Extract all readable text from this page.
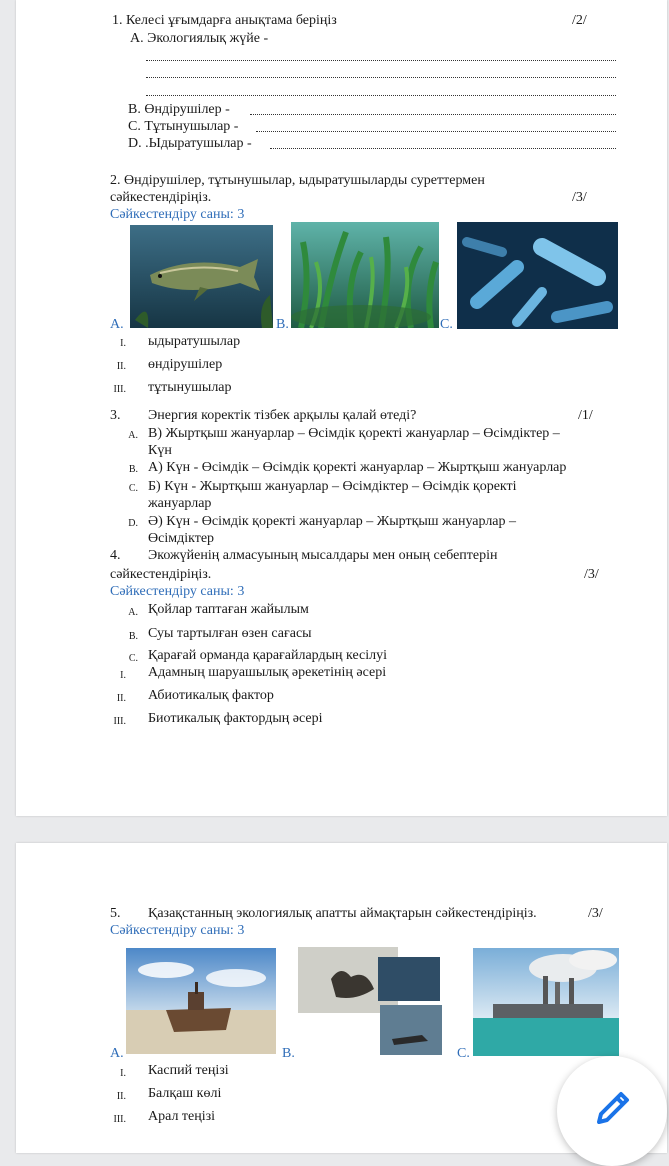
1. Келесі ұғымдарға анықтама беріңіз	/2/
A. Экологиялық жүйе -
B. Өндірушілер -
C. Тұтынушылар -
D. .Ыдыратушылар -
2. Өндірушілер, тұтынушылар, ыдыратушыларды суреттермен
сәйкестендіріңіз.	/3/
Сәйкестендіру саны: 3
A.	B.	C.
I. ыдыратушылар
II. өндірушілер
III. тұтынушылар
3. Энергия коректік тізбек арқылы қалай өтеді?	/1/
A. В) Жыртқыш жануарлар – Өсімдік қоректі жануарлар – Өсімдіктер –
Күн
B. А) Күн - Өсімдік – Өсімдік қоректі жануарлар – Жыртқыш жануарлар
C. Б) Күн - Жыртқыш жануарлар – Өсімдіктер – Өсімдік қоректі
жануарлар
D. Ә) Күн - Өсімдік қоректі жануарлар – Жыртқыш жануарлар –
Өсімдіктер
4. Экожүйенің алмасуының мысалдары мен оның себептерін
сәйкестендіріңіз.	/3/
Сәйкестендіру саны: 3
A. Қойлар таптаған жайылым
B. Суы тартылған өзен сағасы
C. Қарағай орманда қарағайлардың кесілуі
I. Адамның шаруашылық әрекетінің әсері
II. Абиотикалық фактор
III. Биотикалық фактордың әсері
5. Қазақстанның экологиялық апатты аймақтарын сәйкестендіріңіз.	/3/
Сәйкестендіру саны: 3
A.	B.	C.
I. Каспий теңізі
II. Балқаш көлі
III. Арал теңізі
